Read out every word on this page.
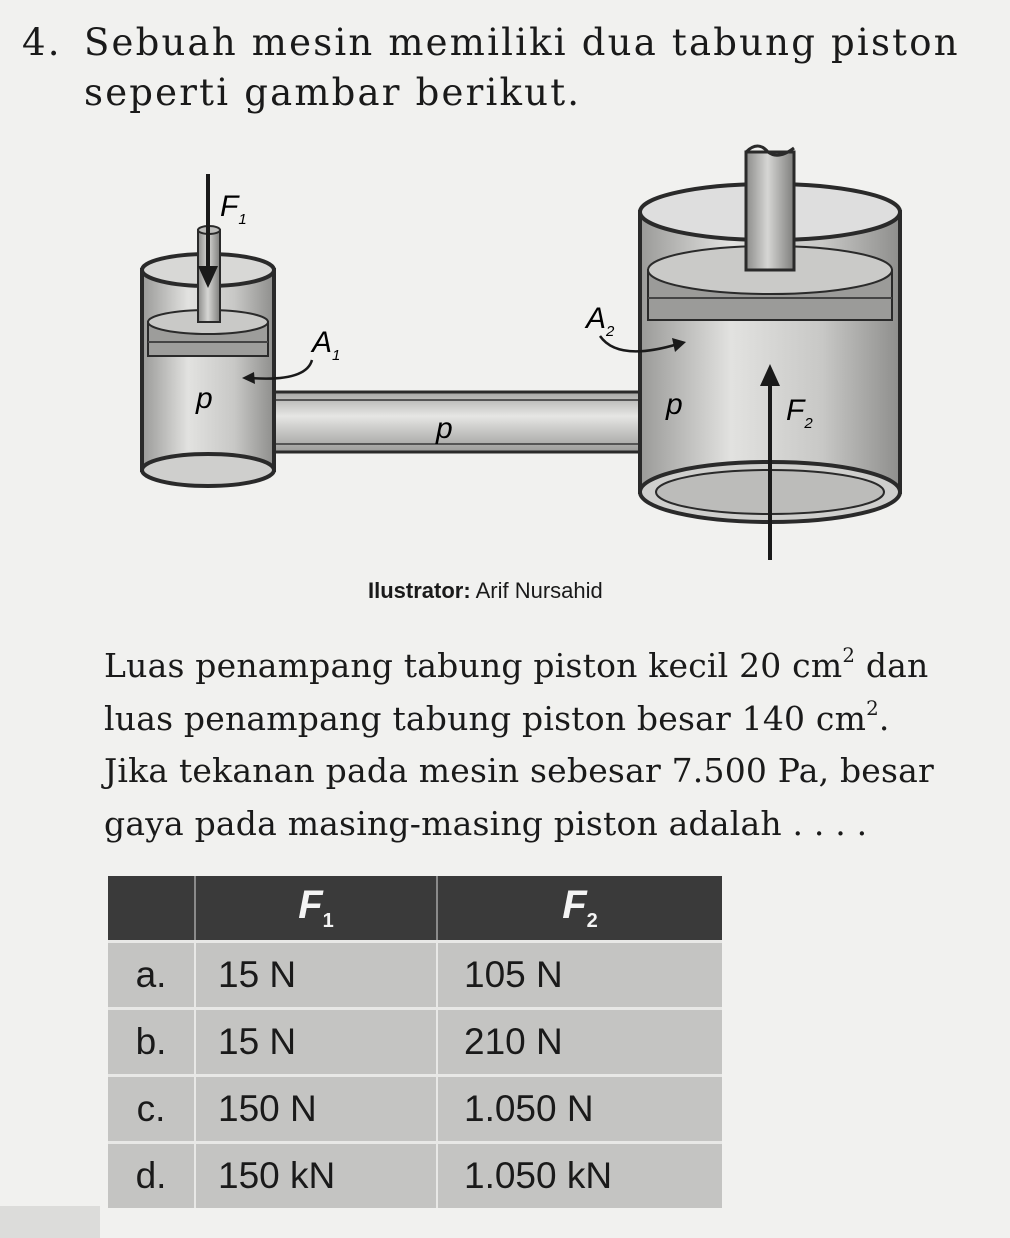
4. Sebuah mesin memiliki dua tabung piston
seperti gambar berikut.
$F_1$
$A_1$
$A_2$
$F_2$
p
p
p
Ilustrator: Arif Nursahid

Luas penampang tabung piston kecil 20 $cm^2$ dan

luas penampang tabung piston besar 140 $cm^2$.

Jika tekanan pada mesin sebesar 7.500 Pa, besar

gaya pada masing-masing piston adalah . . . .

	$F_1$	$F_2$
a.	15 N	105 N
b.	15 N	210 N
c.	150 N	1.050 N
d.	150 kN	1.050 kN
